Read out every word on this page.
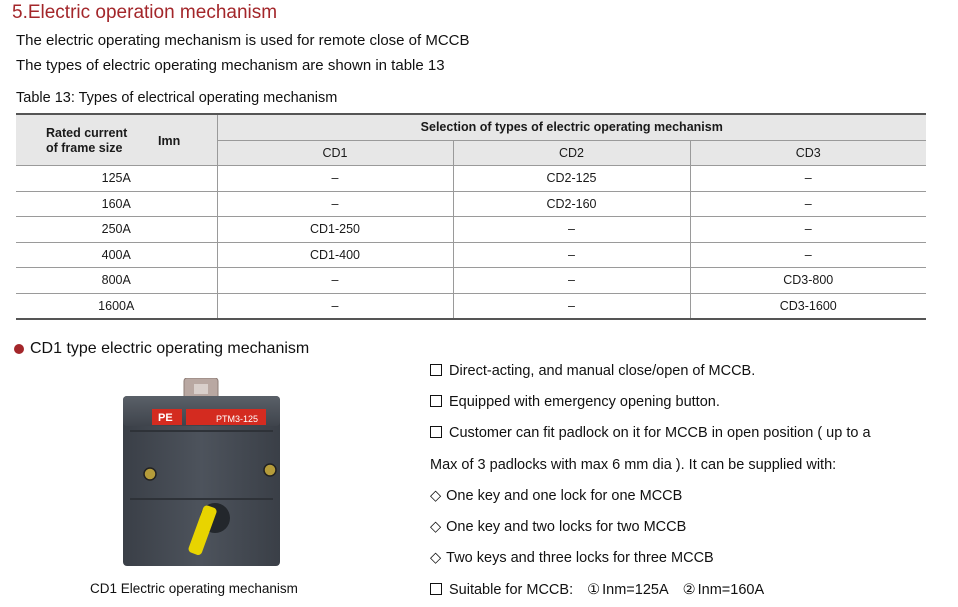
5.Electric operation mechanism
The electric operating mechanism is used for remote close of MCCB
The types of electric operating mechanism are shown in table 13
Table 13: Types of electrical operating mechanism
Rated current
of frame size Imn	Selection of types of electric operating mechanism		
	CD1	CD2	CD3
125A	–	CD2-125	–
160A	–	CD2-160	–
250A	CD1-250	–	–
400A	CD1-400	–	–
800A	–	–	CD3-800
1600A	–	–	CD3-1600
CD1 type electric operating mechanism
PE	PTM3-125
CD1 Electric operating mechanism
Direct-acting, and manual close/open of MCCB.
Equipped with emergency opening button.
Customer can fit padlock on it for MCCB in open position ( up to a
Max of 3 padlocks with max 6 mm dia ). It can be supplied with:
◇ One key and one lock for one MCCB
◇ One key and two locks for two MCCB
◇ Two keys and three locks for three MCCB
Suitable for MCCB: ① Inm=125A ② Inm=160A
